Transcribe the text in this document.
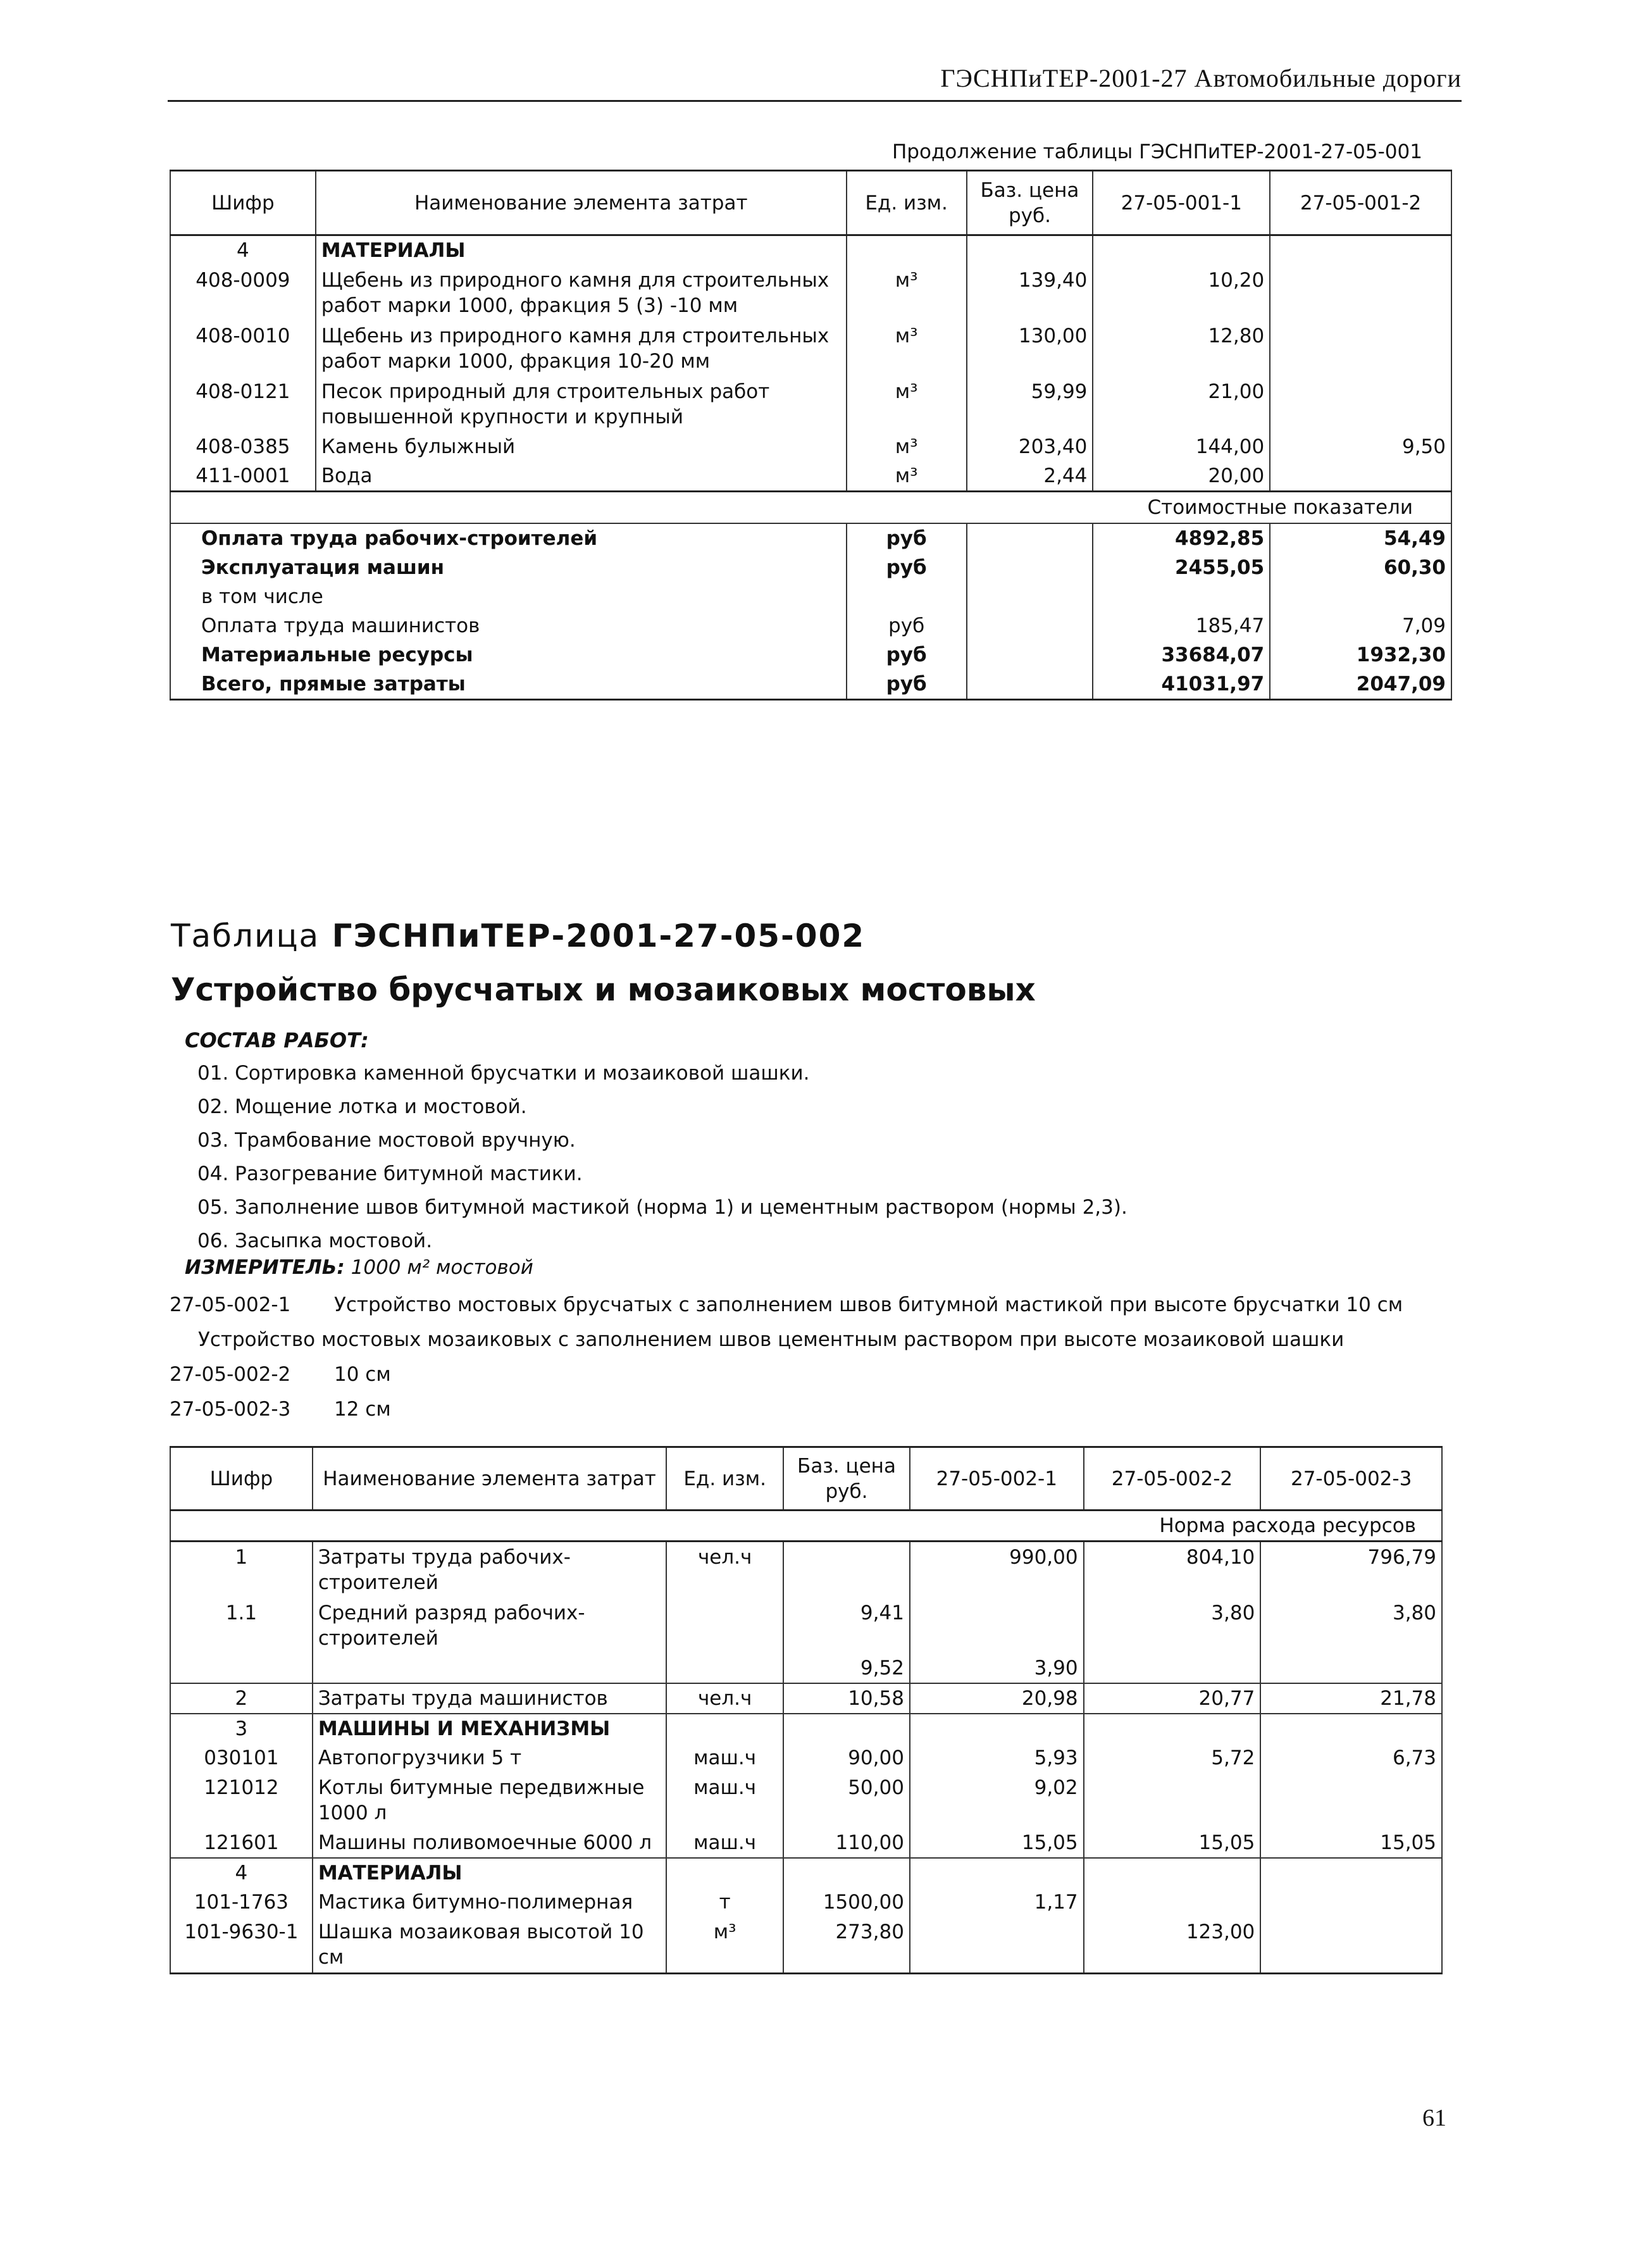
ГЭСНПиТЕР-2001-27 Автомобильные дороги
Продолжение таблицы ГЭСНПиТЕР-2001-27-05-001
Шифр	Наименование элемента затрат	Ед. изм.	Баз. цена руб.	27-05-001-1	27-05-001-2
4	МАТЕРИАЛЫ				
408-0009	Щебень из природного камня для строительных работ марки 1000, фракция 5 (3) -10 мм	м³	139,40	10,20	
408-0010	Щебень из природного камня для строительных работ марки 1000, фракция 10-20 мм	м³	130,00	12,80	
408-0121	Песок природный для строительных работ повышенной крупности и крупный	м³	59,99	21,00	
408-0385	Камень булыжный	м³	203,40	144,00	9,50
411-0001	Вода	м³	2,44	20,00	
Стоимостные показатели					
Оплата труда рабочих-строителей		руб		4892,85	54,49
Эксплуатация машин		руб		2455,05	60,30
в том числе					
Оплата труда машинистов		руб		185,47	7,09
Материальные ресурсы		руб		33684,07	1932,30
Всего, прямые затраты		руб		41031,97	2047,09
Таблица ГЭСНПиТЕР-2001-27-05-002
Устройство брусчатых и мозаиковых мостовых
СОСТАВ РАБОТ:
01. Сортировка каменной брусчатки и мозаиковой шашки.
02. Мощение лотка и мостовой.
03. Трамбование мостовой вручную.
04. Разогревание битумной мастики.
05. Заполнение швов битумной мастикой (норма 1) и цементным раствором (нормы 2,3).
06. Засыпка мостовой.
ИЗМЕРИТЕЛЬ: 1000 м² мостовой
27-05-002-1 Устройство мостовых брусчатых с заполнением швов битумной мастикой при высоте брусчатки 10 см
Устройство мостовых мозаиковых с заполнением швов цементным раствором при высоте мозаиковой шашки
27-05-002-2 10 см
27-05-002-3 12 см
Шифр	Наименование элемента затрат	Ед. изм.	Баз. цена руб.	27-05-002-1	27-05-002-2	27-05-002-3
Норма расхода ресурсов						
1	Затраты труда рабочих-строителей	чел.ч		990,00	804,10	796,79
1.1	Средний разряд рабочих-строителей		9,41		3,80	3,80
			9,52	3,90		
2	Затраты труда машинистов	чел.ч	10,58	20,98	20,77	21,78
3	МАШИНЫ И МЕХАНИЗМЫ					
030101	Автопогрузчики 5 т	маш.ч	90,00	5,93	5,72	6,73
121012	Котлы битумные передвижные 1000 л	маш.ч	50,00	9,02		
121601	Машины поливомоечные 6000 л	маш.ч	110,00	15,05	15,05	15,05
4	МАТЕРИАЛЫ					
101-1763	Мастика битумно-полимерная	т	1500,00	1,17		
101-9630-1	Шашка мозаиковая высотой 10 см	м³	273,80		123,00	
61
